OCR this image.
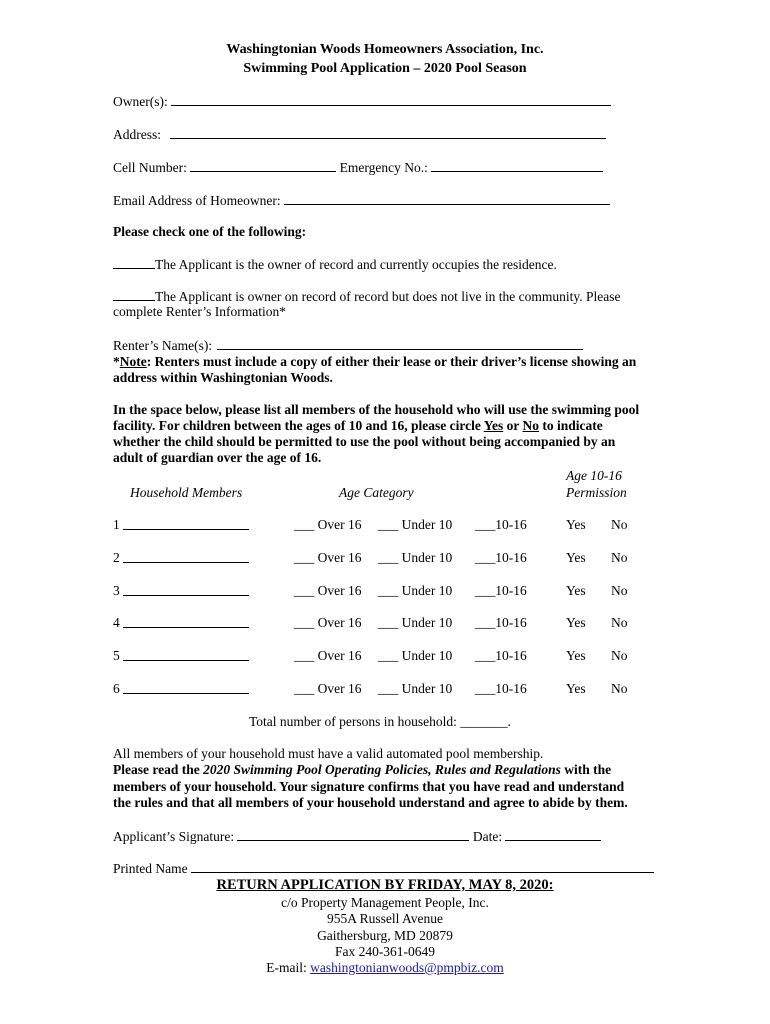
Washingtonian Woods Homeowners Association, Inc.
Swimming Pool Application – 2020 Pool Season
Owner(s):
Address:
Cell Number:	Emergency No.:
Email Address of Homeowner:
Please check one of the following:
The Applicant is the owner of record and currently occupies the residence.
The Applicant is owner on record of record but does not live in the community. Please
complete Renter’s Information*
Renter’s Name(s):
*Note: Renters must include a copy of either their lease or their driver’s license showing an
address within Washingtonian Woods.
In the space below, please list all members of the household who will use the swimming pool
facility. For children between the ages of 10 and 16, please circle Yes or No to indicate
whether the child should be permitted to use the pool without being accompanied by an
adult of guardian over the age of 16.
Age 10-16
Household Members	Age Category	Permission
1	___ Over 16 ___ Under 10 ___10-16	Yes No
2	___ Over 16 ___ Under 10 ___10-16	Yes No
3	___ Over 16 ___ Under 10 ___10-16	Yes No
4	___ Over 16 ___ Under 10 ___10-16	Yes No
5	___ Over 16 ___ Under 10 ___10-16	Yes No
6	___ Over 16 ___ Under 10 ___10-16	Yes No
Total number of persons in household: _______.
All members of your household must have a valid automated pool membership.
Please read the 2020 Swimming Pool Operating Policies, Rules and Regulations with the
members of your household. Your signature confirms that you have read and understand
the rules and that all members of your household understand and agree to abide by them.
Applicant’s Signature:	Date:
Printed Name
RETURN APPLICATION BY FRIDAY, MAY 8, 2020:
c/o Property Management People, Inc.
955A Russell Avenue
Gaithersburg, MD 20879
Fax 240-361-0649
E-mail: washingtonianwoods@pmpbiz.com
